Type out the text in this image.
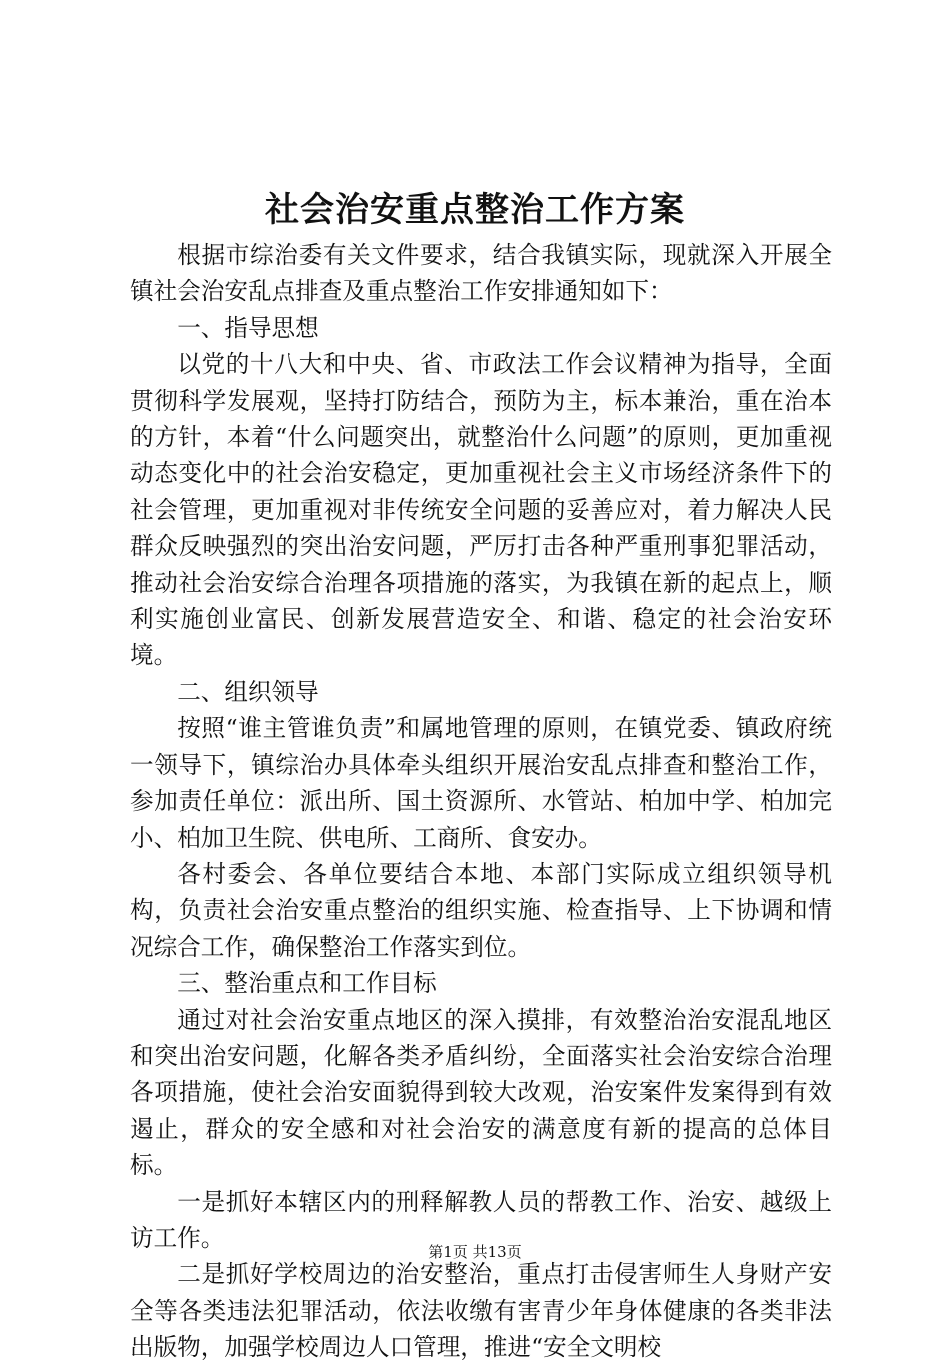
社会治安重点整治工作方案

根据市综治委有关文件要求，结合我镇实际，现就深入开展全镇社会治安乱点排查及重点整治工作安排通知如下：

一、指导思想

以党的十八大和中央、省、市政法工作会议精神为指导，全面贯彻科学发展观，坚持打防结合，预防为主，标本兼治，重在治本的方针，本着“什么问题突出，就整治什么问题”的原则，更加重视动态变化中的社会治安稳定，更加重视社会主义市场经济条件下的社会管理，更加重视对非传统安全问题的妥善应对，着力解决人民群众反映强烈的突出治安问题，严厉打击各种严重刑事犯罪活动，推动社会治安综合治理各项措施的落实，为我镇在新的起点上，顺利实施创业富民、创新发展营造安全、和谐、稳定的社会治安环境。

二、组织领导

按照“谁主管谁负责”和属地管理的原则，在镇党委、镇政府统一领导下，镇综治办具体牵头组织开展治安乱点排查和整治工作，参加责任单位：派出所、国土资源所、水管站、柏加中学、柏加完小、柏加卫生院、供电所、工商所、食安办。

各村委会、各单位要结合本地、本部门实际成立组织领导机构，负责社会治安重点整治的组织实施、检查指导、上下协调和情况综合工作，确保整治工作落实到位。

三、整治重点和工作目标

通过对社会治安重点地区的深入摸排，有效整治治安混乱地区和突出治安问题，化解各类矛盾纠纷，全面落实社会治安综合治理各项措施，使社会治安面貌得到较大改观，治安案件发案得到有效遏止，群众的安全感和对社会治安的满意度有新的提高的总体目标。

一是抓好本辖区内的刑释解教人员的帮教工作、治安、越级上访工作。

二是抓好学校周边的治安整治，重点打击侵害师生人身财产安全等各类违法犯罪活动，依法收缴有害青少年身体健康的各类非法出版物，加强学校周边人口管理，推进“安全文明校

第1页 共13页
